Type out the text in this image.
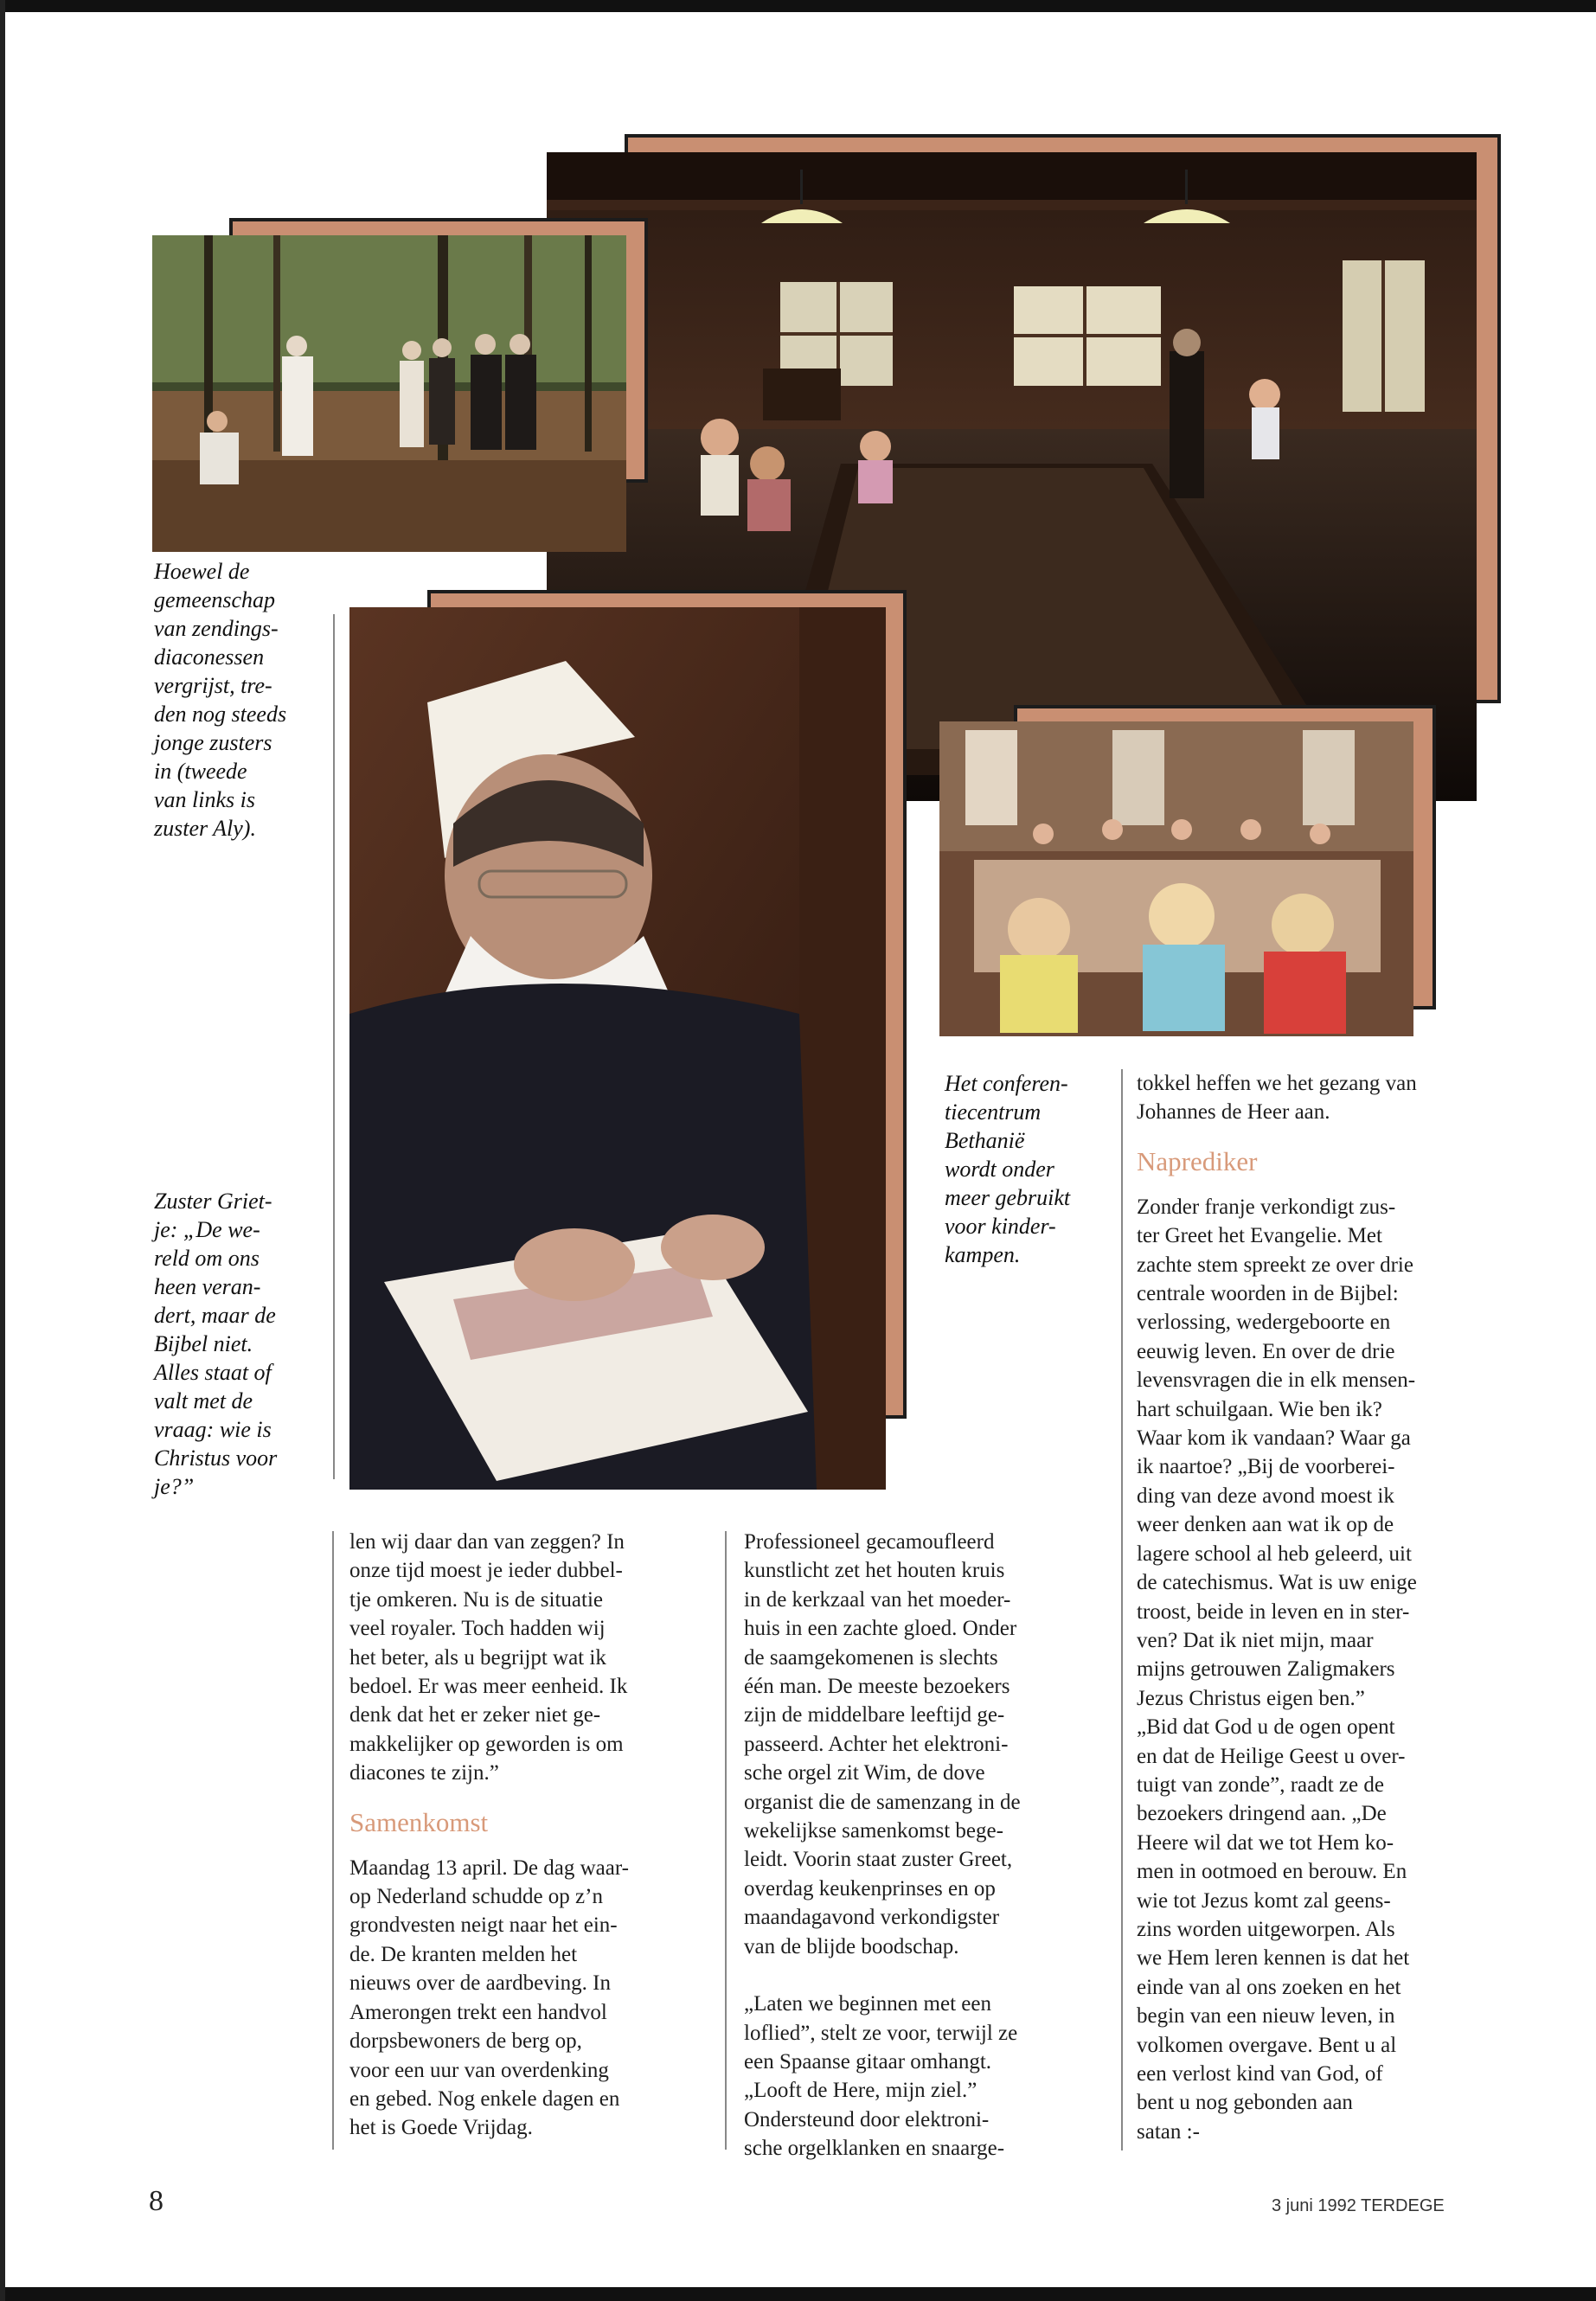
Hoewel de

gemeenschap

van zendings-

diaconessen

vergrijst, tre-

den nog steeds

jonge zusters

in (tweede

van links is

zuster Aly).

Zuster Griet-

je: „De we-

reld om ons

heen veran-

dert, maar de

Bijbel niet.

Alles staat of

valt met de

vraag: wie is

Christus voor

je?”

Het conferen-

tiecentrum

Bethanië

wordt onder

meer gebruikt

voor kinder-

kampen.

len wij daar dan van zeggen? In

onze tijd moest je ieder dubbel-

tje omkeren. Nu is de situatie

veel royaler. Toch hadden wij

het beter, als u begrijpt wat ik

bedoel. Er was meer eenheid. Ik

denk dat het er zeker niet ge-

makkelijker op geworden is om

diacones te zijn.”

Samenkomst

Maandag 13 april. De dag waar-

op Nederland schudde op z’n

grondvesten neigt naar het ein-

de. De kranten melden het

nieuws over de aardbeving. In

Amerongen trekt een handvol

dorpsbewoners de berg op,

voor een uur van overdenking

en gebed. Nog enkele dagen en

het is Goede Vrijdag.

Professioneel gecamoufleerd

kunstlicht zet het houten kruis

in de kerkzaal van het moeder-

huis in een zachte gloed. Onder

de saamgekomenen is slechts

één man. De meeste bezoekers

zijn de middelbare leeftijd ge-

passeerd. Achter het elektroni-

sche orgel zit Wim, de dove

organist die de samenzang in de

wekelijkse samenkomst bege-

leidt. Voorin staat zuster Greet,

overdag keukenprinses en op

maandagavond verkondigster

van de blijde boodschap.

„Laten we beginnen met een

loflied”, stelt ze voor, terwijl ze

een Spaanse gitaar omhangt.

„Looft de Here, mijn ziel.”

Ondersteund door elektroni-

sche orgelklanken en snaarge-

tokkel heffen we het gezang van

Johannes de Heer aan.

Naprediker

Zonder franje verkondigt zus-

ter Greet het Evangelie. Met

zachte stem spreekt ze over drie

centrale woorden in de Bijbel:

verlossing, wedergeboorte en

eeuwig leven. En over de drie

levensvragen die in elk mensen-

hart schuilgaan. Wie ben ik?

Waar kom ik vandaan? Waar ga

ik naartoe? „Bij de voorberei-

ding van deze avond moest ik

weer denken aan wat ik op de

lagere school al heb geleerd, uit

de catechismus. Wat is uw enige

troost, beide in leven en in ster-

ven? Dat ik niet mijn, maar

mijns getrouwen Zaligmakers

Jezus Christus eigen ben.”

„Bid dat God u de ogen opent

en dat de Heilige Geest u over-

tuigt van zonde”, raadt ze de

bezoekers dringend aan. „De

Heere wil dat we tot Hem ko-

men in ootmoed en berouw. En

wie tot Jezus komt zal geens-

zins worden uitgeworpen. Als

we Hem leren kennen is dat het

einde van al ons zoeken en het

begin van een nieuw leven, in

volkomen overgave. Bent u al

een verlost kind van God, of

bent u nog gebonden aan

satan :-

8	3 juni 1992 TERDEGE
